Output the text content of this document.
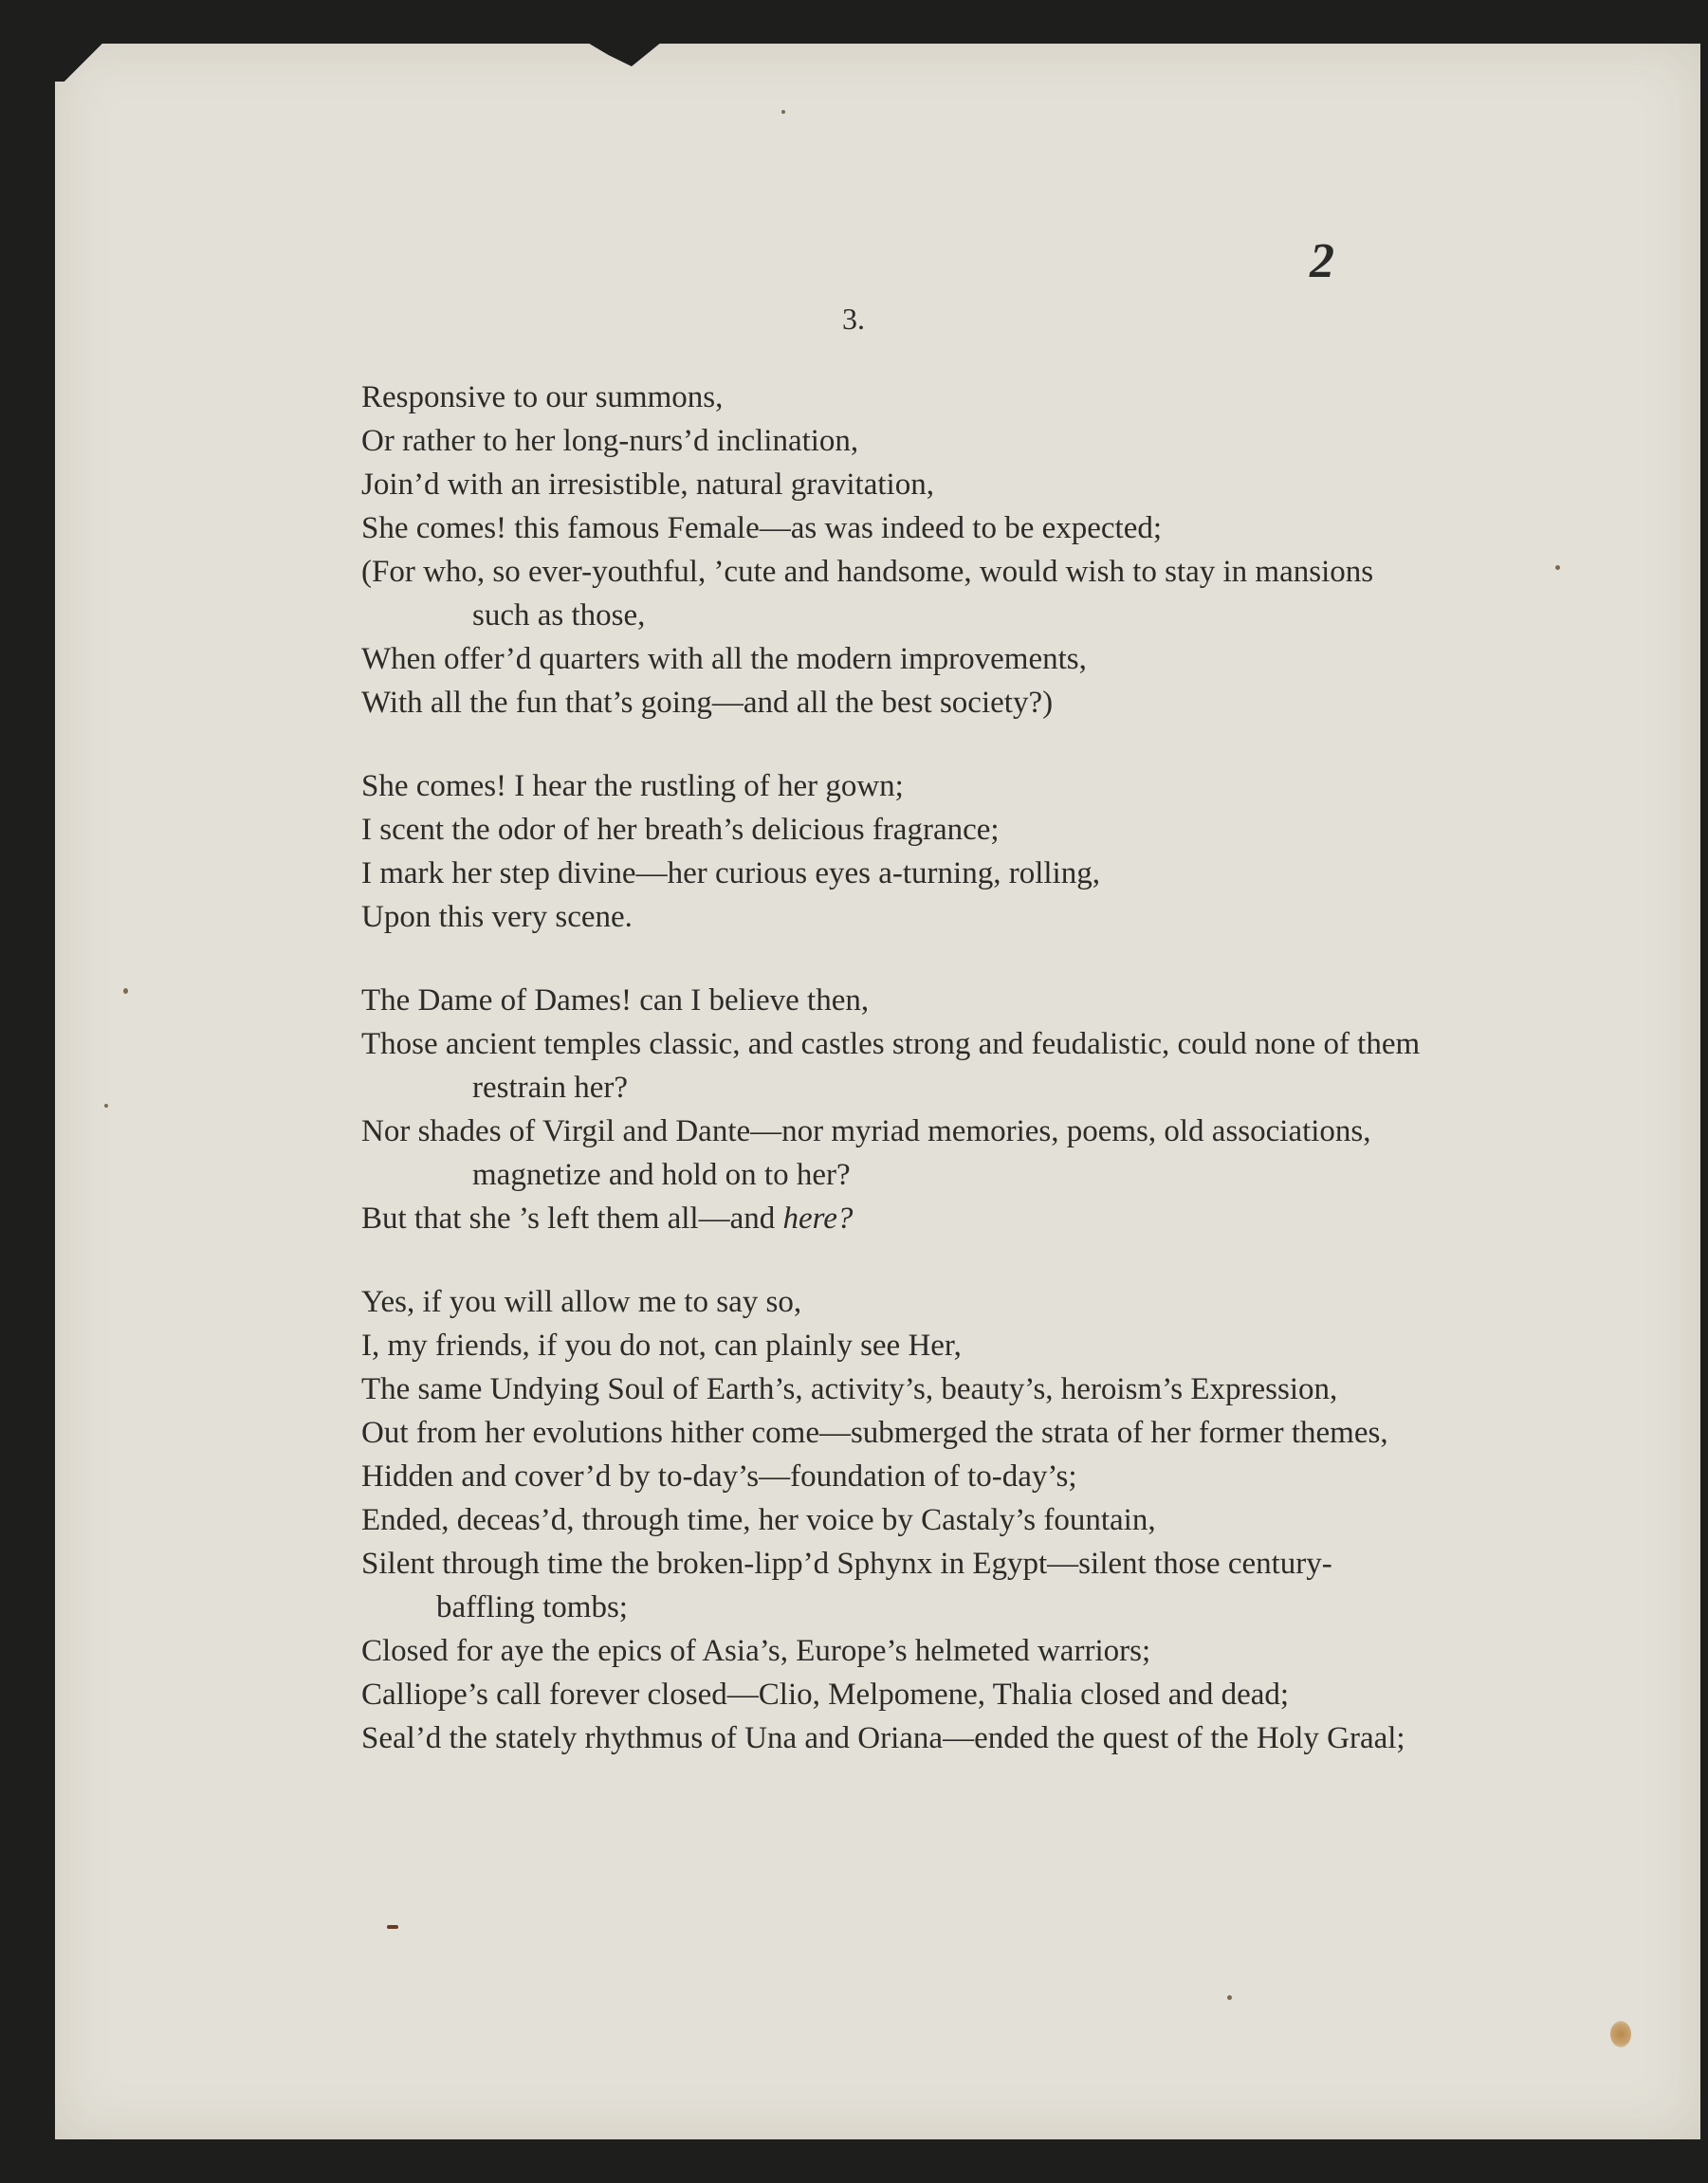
2

3.

Responsive to our summons,
Or rather to her long-nurs’d inclination,
Join’d with an irresistible, natural gravitation,
She comes! this famous Female—as was indeed to be expected;
(For who, so ever-youthful, ’cute and handsome, would wish to stay in mansions such as those,
When offer’d quarters with all the modern improvements,
With all the fun that’s going—and all the best society?)
She comes! I hear the rustling of her gown;
I scent the odor of her breath’s delicious fragrance;
I mark her step divine—her curious eyes a-turning, rolling,
Upon this very scene.
The Dame of Dames! can I believe then,
Those ancient temples classic, and castles strong and feudalistic, could none of them restrain her?
Nor shades of Virgil and Dante—nor myriad memories, poems, old associations, magnetize and hold on to her?
But that she ’s left them all—and here?
Yes, if you will allow me to say so,
I, my friends, if you do not, can plainly see Her,
The same Undying Soul of Earth’s, activity’s, beauty’s, heroism’s Expression,
Out from her evolutions hither come—submerged the strata of her former themes,
Hidden and cover’d by to-day’s—foundation of to-day’s;
Ended, deceas’d, through time, her voice by Castaly’s fountain,
Silent through time the broken-lipp’d Sphynx in Egypt—silent those century-baffling tombs;
Closed for aye the epics of Asia’s, Europe’s helmeted warriors;
Calliope’s call forever closed—Clio, Melpomene, Thalia closed and dead;
Seal’d the stately rhythmus of Una and Oriana—ended the quest of the Holy Graal;
